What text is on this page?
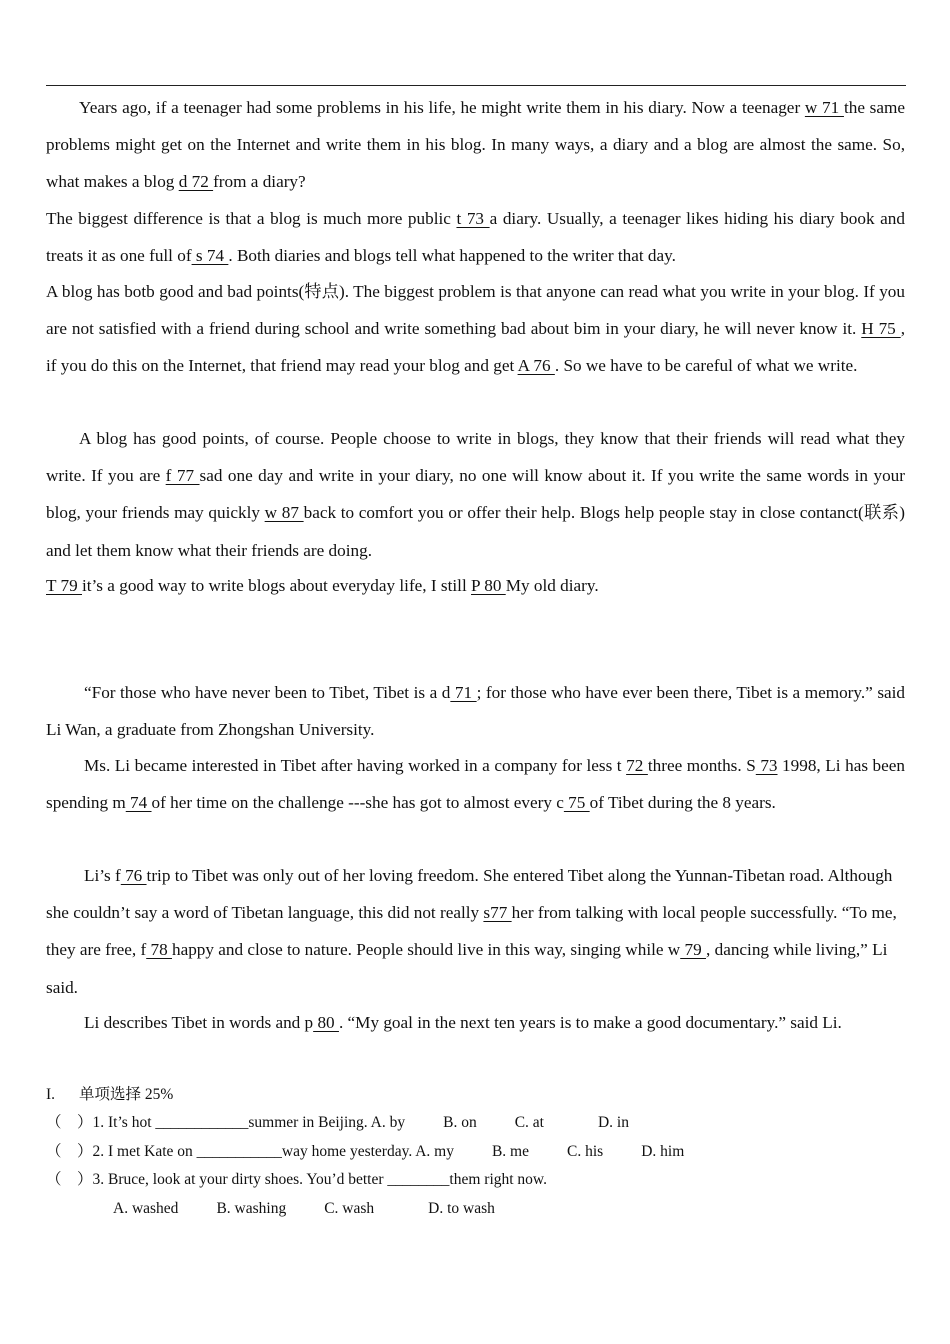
Years ago, if a teenager had some problems in his life, he might write them in his diary. Now a teenager w 71 the same problems might get on the Internet and write them in his blog. In many ways, a diary and a blog are almost the same. So, what makes a blog d 72 from a diary?

The biggest difference is that a blog is much more public t 73 a diary. Usually, a teenager likes hiding his diary book and treats it as one full of s 74 . Both diaries and blogs tell what happened to the writer that day.

A blog has botb good and bad points(特点). The biggest problem is that anyone can read what you write in your blog. If you are not satisfied with a friend during school and write something bad about bim in your diary, he will never know it. H 75 , if you do this on the Internet, that friend may read your blog and get A 76 . So we have to be careful of what we write.

A blog has good points, of course. People choose to write in blogs, they know that their friends will read what they write. If you are f 77 sad one day and write in your diary, no one will know about it. If you write the same words in your blog, your friends may quickly w 87 back to comfort you or offer their help. Blogs help people stay in close contanct(联系) and let them know what their friends are doing.

T 79 it’s a good way to write blogs about everyday life, I still P 80 My old diary.

“For those who have never been to Tibet, Tibet is a d 71 ; for those who have ever been there, Tibet is a memory.” said Li Wan, a graduate from Zhongshan University.

Ms. Li became interested in Tibet after having worked in a company for less t 72 three months. S 73 1998, Li has been spending m 74 of her time on the challenge ---she has got to almost every c 75 of Tibet during the 8 years.

Li’s f 76 trip to Tibet was only out of her loving freedom. She entered Tibet along the Yunnan-Tibetan road. Although she couldn’t say a word of Tibetan language, this did not really s77 her from talking with local people successfully. “To me, they are free, f 78 happy and close to nature. People should live in this way, singing while w 79 , dancing while living,” Li said.

Li describes Tibet in words and p 80 . “My goal in the next ten years is to make a good documentary.” said Li.

I. 单项选择 25%
（　）1. It’s hot ____________summer in Beijing. A. by B. on C. at	D. in
（　）2. I met Kate on ___________way home yesterday. A. my B. me C. his D. him
（　）3. Bruce, look at your dirty shoes. You’d better ________them right now.
A. washed B. washing C. wash	D. to wash
